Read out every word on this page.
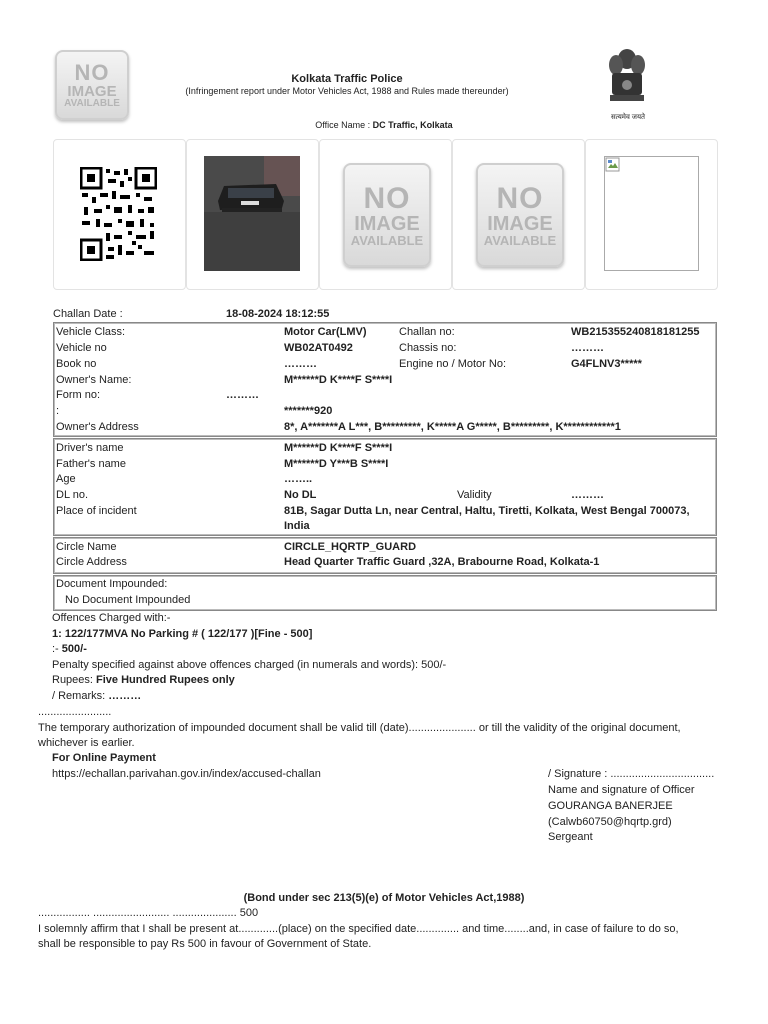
NO
IMAGE
AVAILABLE
Kolkata Traffic Police
(Infringement report under Motor Vehicles Act, 1988 and Rules made thereunder)
Office Name : DC Traffic, Kolkata
सत्यमेव जयते
NO
IMAGE
AVAILABLE
NO
IMAGE
AVAILABLE
Challan Date :	18-08-2024 18:12:55
Vehicle Class:	Motor Car(LMV)	Challan no:	WB215355240818181255
Vehicle no	WB02AT0492	Chassis no:	………
Book no	………	Engine no / Motor No:	G4FLNV3*****
Owner's Name:	M******D K****F S****I
Form no:	………
:	*******920
Owner's Address	8*, A*******A L***, B*********, K*****A G*****, B*********, K************1
Driver's name	M******D K****F S****I
Father's name	M******D Y***B S****I
Age	……..
DL no.	No DL	Validity	………
Place of incident	81B, Sagar Dutta Ln, near Central, Haltu, Tiretti, Kolkata, West Bengal 700073,
India
Circle Name	CIRCLE_HQRTP_GUARD
Circle Address	Head Quarter Traffic Guard ,32A, Brabourne Road, Kolkata-1
Document Impounded:
No Document Impounded
Offences Charged with:-
1: 122/177MVA No Parking # ( 122/177 )[Fine - 500]
:- 500/-
Penalty specified against above offences charged (in numerals and words): 500/-
Rupees: Five Hundred Rupees only
/ Remarks: ………
........................
The temporary authorization of impounded document shall be valid till (date)...................... or till the validity of the original document,
whichever is earlier.
For Online Payment
https://echallan.parivahan.gov.in/index/accused-challan	/ Signature : ..................................
Name and signature of Officer
GOURANGA BANERJEE
(Calwb60750@hqrtp.grd)
Sergeant
(Bond under sec 213(5)(e) of Motor Vehicles Act,1988)
................. ......................... ..................... 500
I solemnly affirm that I shall be present at.............(place) on the specified date.............. and time........and, in case of failure to do so,
shall be responsible to pay Rs 500 in favour of Government of State.
